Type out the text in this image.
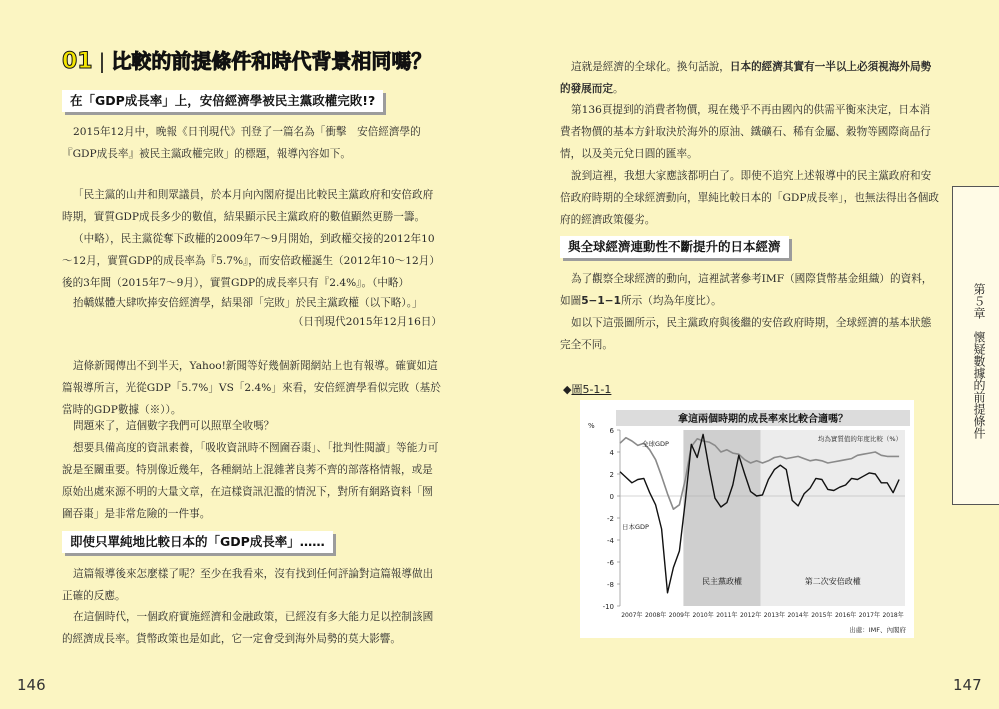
01 | 比較的前提條件和時代背景相同嗎？
在「GDP成長率」上，安倍經濟學被民主黨政權完敗!?

2015年12月中，晚報《日刊現代》刊登了一篇名為「衝擊　安倍經濟學的『GDP成長率』被民主黨政權完敗」的標題，報導內容如下。

「民主黨的山井和則眾議員，於本月向內閣府提出比較民主黨政府和安倍政府時期，實質GDP成長多少的數值，結果顯示民主黨政府的數值顯然更勝一籌。

（中略），民主黨從奪下政權的2009年7～9月開始，到政權交接的2012年10～12月，實質GDP的成長率為『5.7%』，而安倍政權誕生（2012年10～12月）後的3年間（2015年7～9月），實質GDP的成長率只有『2.4%』。（中略）

抬轎媒體大肆吹捧安倍經濟學，結果卻「完敗」於民主黨政權（以下略）。」

（日刊現代2015年12月16日）

這條新聞傳出不到半天，Yahoo!新聞等好幾個新聞網站上也有報導。確實如這篇報導所言，光從GDP「5.7%」VS「2.4%」來看，安倍經濟學看似完敗（基於當時的GDP數據（※））。

問題來了，這個數字我們可以照單全收嗎？

想要具備高度的資訊素養，「吸收資訊時不囫圇吞棗」、「批判性閱讀」等能力可說是至關重要。特別像近幾年，各種網站上混雜著良莠不齊的部落格情報，或是原始出處來源不明的大量文章，在這樣資訊氾濫的情況下，對所有網路資料「囫圇吞棗」是非常危險的一件事。

即使只單純地比較日本的「GDP成長率」……

這篇報導後來怎麼樣了呢？至少在我看來，沒有找到任何評論對這篇報導做出正確的反應。

在這個時代，一個政府實施經濟和金融政策，已經沒有多大能力足以控制該國的經濟成長率。貨幣政策也是如此，它一定會受到海外局勢的莫大影響。

146

這就是經濟的全球化。換句話說，日本的經濟其實有一半以上必須視海外局勢的發展而定。

第136頁提到的消費者物價，現在幾乎不再由國內的供需平衡來決定，日本消費者物價的基本方針取決於海外的原油、鐵礦石、稀有金屬、穀物等國際商品行情，以及美元兌日圓的匯率。

說到這裡，我想大家應該都明白了。即使不追究上述報導中的民主黨政府和安倍政府時期的全球經濟動向，單純比較日本的「GDP成長率」，也無法得出各個政府的經濟政策優劣。

與全球經濟連動性不斷提升的日本經濟

為了觀察全球經濟的動向，這裡試著參考IMF（國際貨幣基金組織）的資料，如圖5−1−1所示（均為年度比）。

如以下這張圖所示，民主黨政府與後繼的安倍政府時期，全球經濟的基本狀態完全不同。

◆圖5-1-1
拿這兩個時期的成長率來比較合適嗎？
民主黨政權	第二次安倍政權
6
4
2
0
-2
-4
-6
-8
-10
%
2007年 2008年 2009年 2010年 2011年 2012年 2013年 2014年 2015年 2016年 2017年 2018年
全球GDP
日本GDP
均為實質值的年度比較（%）
出處：IMF、內閣府
第５章　懷疑數據的前提條件
147
